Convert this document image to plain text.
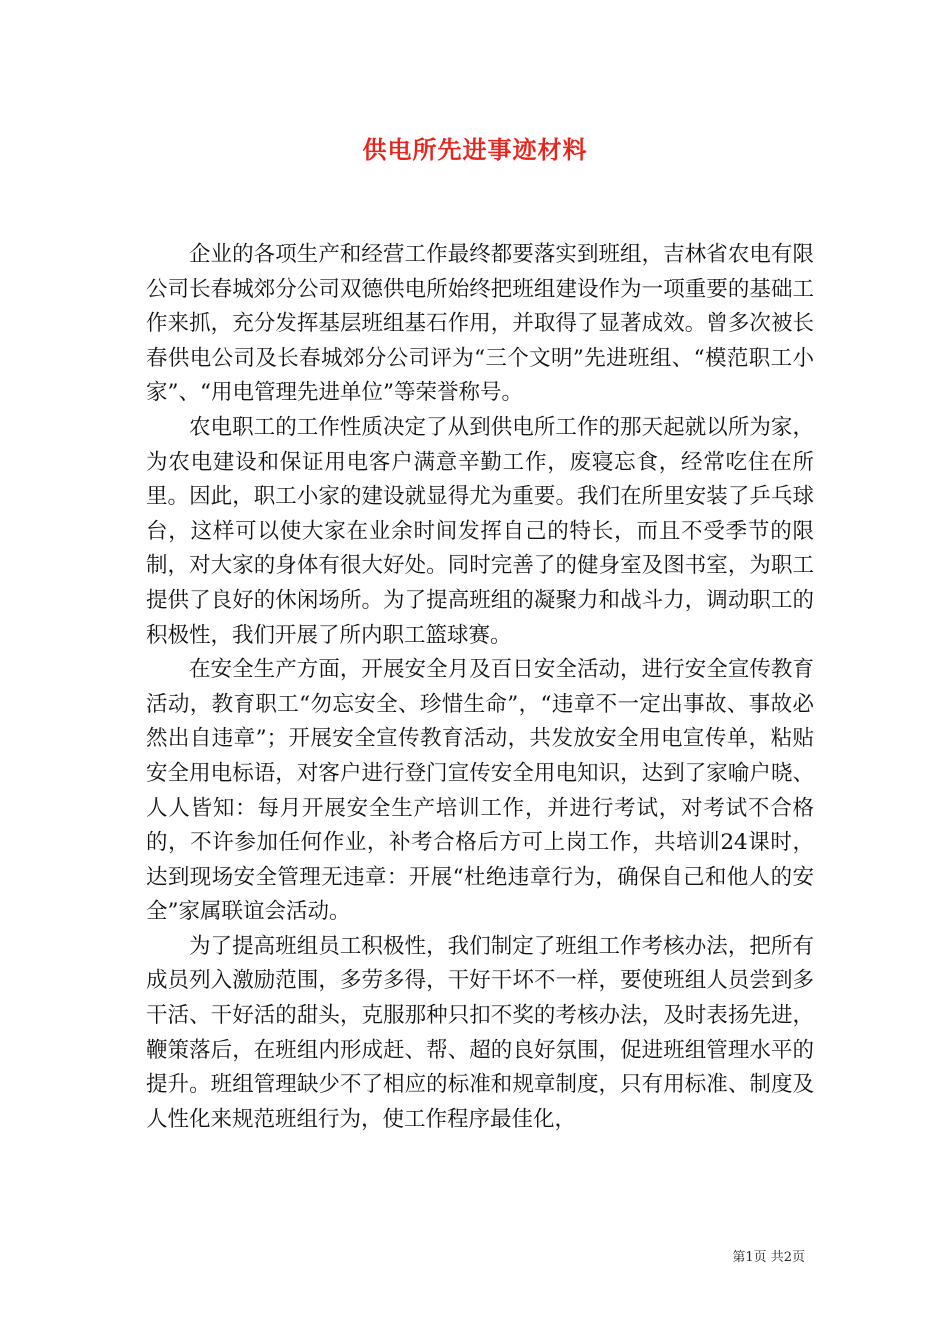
供电所先进事迹材料

企业的各项生产和经营工作最终都要落实到班组，吉林省农电有限公司长春城郊分公司双德供电所始终把班组建设作为一项重要的基础工作来抓，充分发挥基层班组基石作用，并取得了显著成效。曾多次被长春供电公司及长春城郊分公司评为“三个文明”先进班组、“模范职工小家”、“用电管理先进单位”等荣誉称号。

农电职工的工作性质决定了从到供电所工作的那天起就以所为家，为农电建设和保证用电客户满意辛勤工作，废寝忘食，经常吃住在所里。因此，职工小家的建设就显得尤为重要。我们在所里安装了乒乓球台，这样可以使大家在业余时间发挥自己的特长，而且不受季节的限制，对大家的身体有很大好处。同时完善了的健身室及图书室，为职工提供了良好的休闲场所。为了提高班组的凝聚力和战斗力，调动职工的积极性，我们开展了所内职工篮球赛。

在安全生产方面，开展安全月及百日安全活动，进行安全宣传教育活动，教育职工“勿忘安全、珍惜生命”，“违章不一定出事故、事故必然出自违章”；开展安全宣传教育活动，共发放安全用电宣传单，粘贴安全用电标语，对客户进行登门宣传安全用电知识，达到了家喻户晓、人人皆知：每月开展安全生产培训工作，并进行考试，对考试不合格的，不许参加任何作业，补考合格后方可上岗工作，共培训24课时，达到现场安全管理无违章：开展“杜绝违章行为，确保自己和他人的安全”家属联谊会活动。

为了提高班组员工积极性，我们制定了班组工作考核办法，把所有成员列入激励范围，多劳多得，干好干坏不一样，要使班组人员尝到多干活、干好活的甜头，克服那种只扣不奖的考核办法，及时表扬先进，鞭策落后，在班组内形成赶、帮、超的良好氛围，促进班组管理水平的提升。班组管理缺少不了相应的标准和规章制度，只有用标准、制度及人性化来规范班组行为，使工作程序最佳化，

第1页 共2页
